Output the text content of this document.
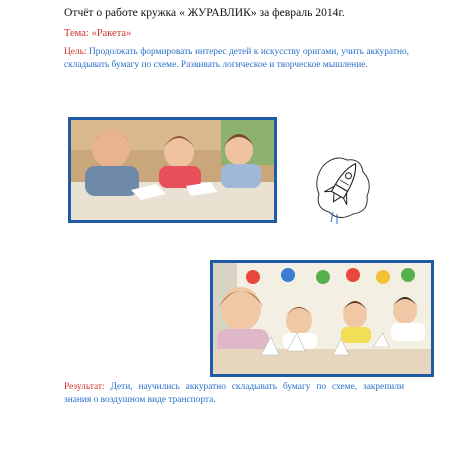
Отчёт о работе кружка « ЖУРАВЛИК» за февраль 2014г.
Тема: «Ракета»
Цель: Продолжать формировать интерес детей к искусству оригами, учить аккуратно, складывать бумагу по схеме. Развивать логическое и творческое мышление.
Результат: Дети, научились аккуратно складывать бумагу по схеме, закрепили знания о воздушном виде транспорта.
